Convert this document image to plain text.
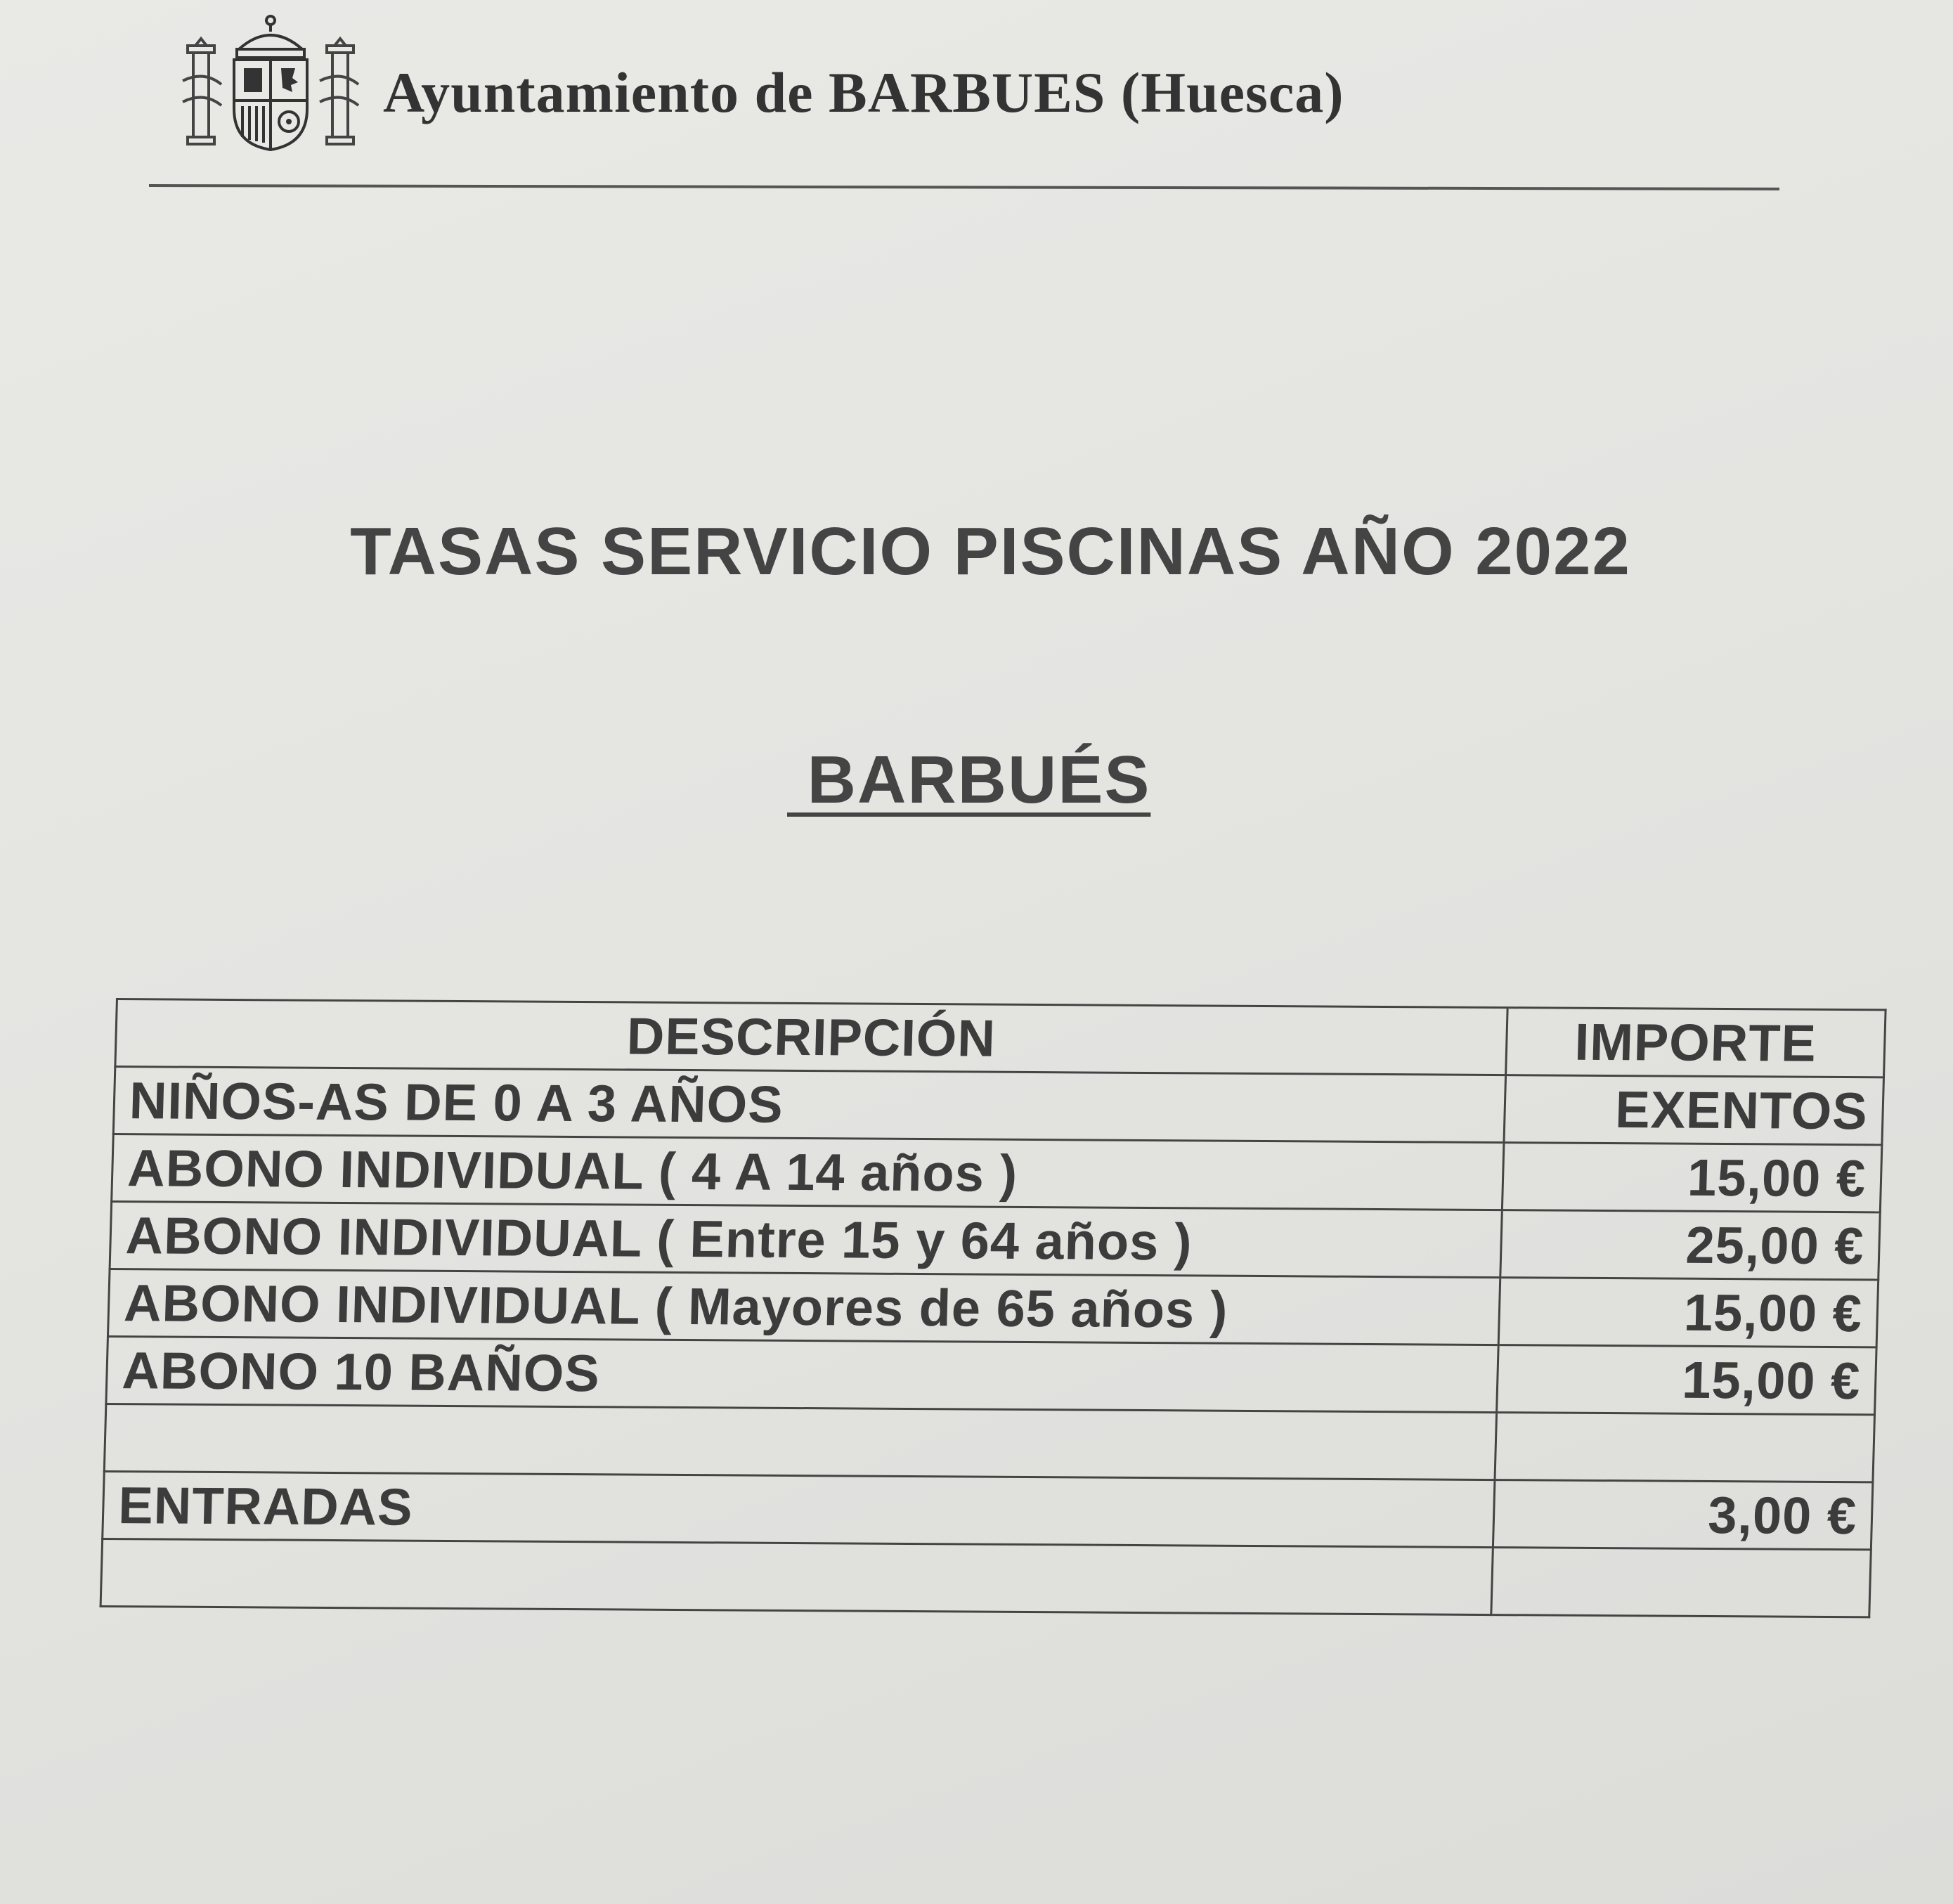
Ayuntamiento de BARBUES (Huesca)
TASAS SERVICIO PISCINAS AÑO 2022
BARBUÉS
DESCRIPCIÓN	IMPORTE
NIÑOS-AS DE 0 A 3 AÑOS	EXENTOS
ABONO INDIVIDUAL ( 4 A 14 años )	15,00 €
ABONO INDIVIDUAL ( Entre 15 y 64 años )	25,00 €
ABONO INDIVIDUAL ( Mayores de 65 años )	15,00 €
ABONO 10 BAÑOS	15,00 €

ENTRADAS	3,00 €
